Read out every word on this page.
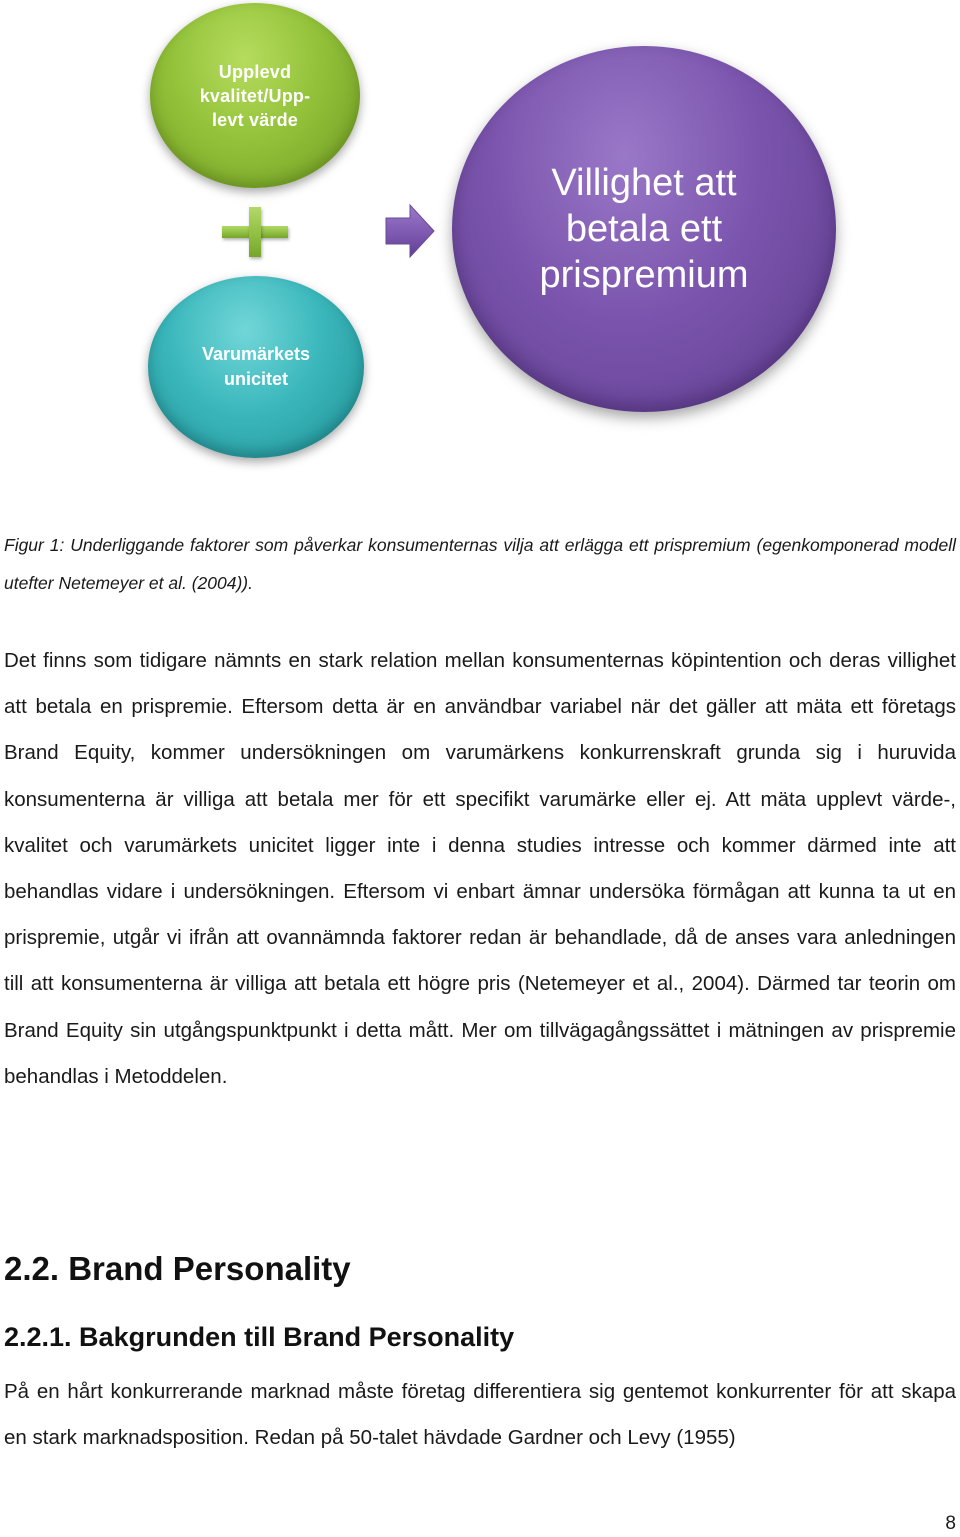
Upplevd
kvalitet/Upp-
levt värde
Varumärkets
unicitet
Villighet att
betala ett
prispremium
Figur 1: Underliggande faktorer som påverkar konsumenternas vilja att erlägga ett prispremium (egenkomponerad modell utefter Netemeyer et al. (2004)).
Det finns som tidigare nämnts en stark relation mellan konsumenternas köpintention och deras villighet att betala en prispremie. Eftersom detta är en användbar variabel när det gäller att mäta ett företags Brand Equity, kommer undersökningen om varumärkens konkurrenskraft grunda sig i huruvida konsumenterna är villiga att betala mer för ett specifikt varumärke eller ej. Att mäta upplevt värde-, kvalitet och varumärkets unicitet ligger inte i denna studies intresse och kommer därmed inte att behandlas vidare i undersökningen. Eftersom vi enbart ämnar undersöka förmågan att kunna ta ut en prispremie, utgår vi ifrån att ovannämnda faktorer redan är behandlade, då de anses vara anledningen till att konsumenterna är villiga att betala ett högre pris (Netemeyer et al., 2004). Därmed tar teorin om Brand Equity sin utgångspunktpunkt i detta mått. Mer om tillvägagångssättet i mätningen av prispremie behandlas i Metoddelen.
2.2. Brand Personality
2.2.1. Bakgrunden till Brand Personality
På en hårt konkurrerande marknad måste företag differentiera sig gentemot konkurrenter för att skapa en stark marknadsposition. Redan på 50-talet hävdade Gardner och Levy (1955)
8
